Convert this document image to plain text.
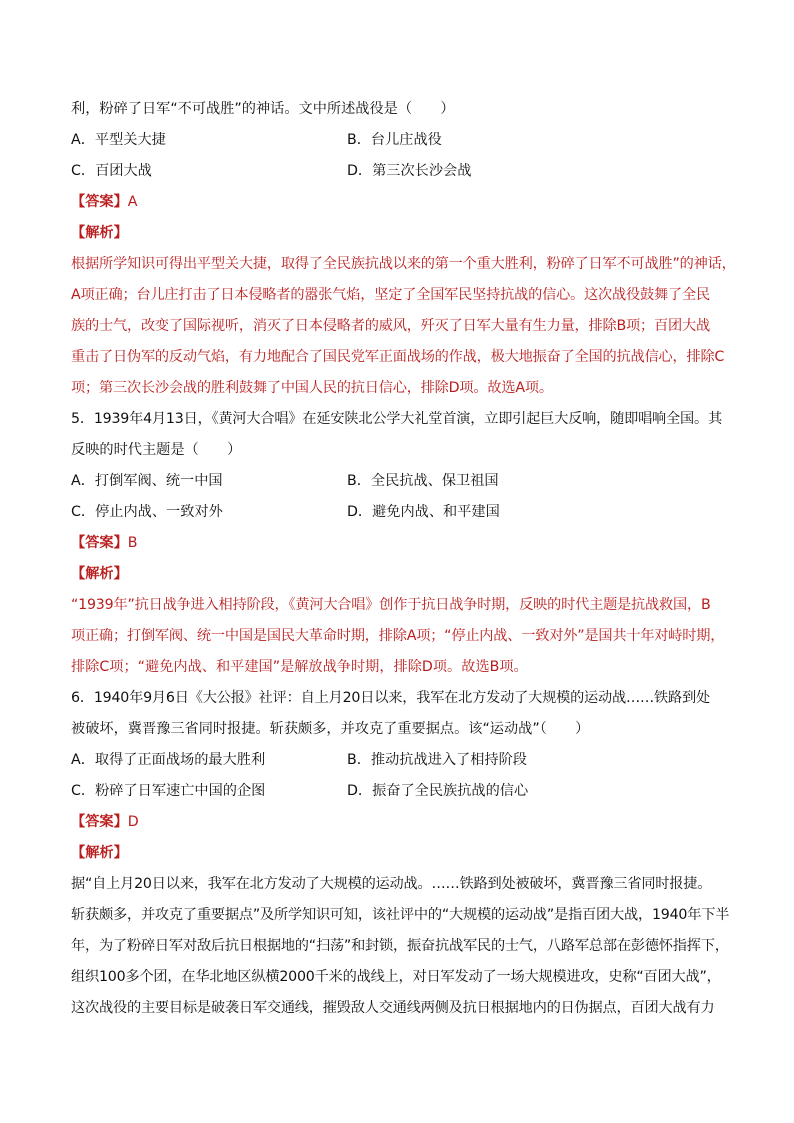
利，粉碎了日军“不可战胜”的神话。文中所述战役是（　　）
A．平型关大捷	B．台儿庄战役
C．百团大战	D．第三次长沙会战
【答案】A
【解析】
根据所学知识可得出平型关大捷，取得了全民族抗战以来的第一个重大胜利，粉碎了日军不可战胜”的神话，
A项正确；台儿庄打击了日本侵略者的嚣张气焰，坚定了全国军民坚持抗战的信心。这次战役鼓舞了全民
族的士气，改变了国际视听，消灭了日本侵略者的威风，歼灭了日军大量有生力量，排除B项；百团大战
重击了日伪军的反动气焰，有力地配合了国民党军正面战场的作战，极大地振奋了全国的抗战信心，排除C
项；第三次长沙会战的胜利鼓舞了中国人民的抗日信心，排除D项。故选A项。
5．1939年4月13日，《黄河大合唱》在延安陕北公学大礼堂首演，立即引起巨大反响，随即唱响全国。其
反映的时代主题是（　　）
A．打倒军阀、统一中国	B．全民抗战、保卫祖国
C．停止内战、一致对外	D．避免内战、和平建国
【答案】B
【解析】
“1939年”抗日战争进入相持阶段，《黄河大合唱》创作于抗日战争时期，反映的时代主题是抗战救国，B
项正确；打倒军阀、统一中国是国民大革命时期，排除A项；“停止内战、一致对外”是国共十年对峙时期，
排除C项；“避免内战、和平建国”是解放战争时期，排除D项。故选B项。
6．1940年9月6日《大公报》社评：自上月20日以来，我军在北方发动了大规模的运动战……铁路到处
被破坏，冀晋豫三省同时报捷。斩获颇多，并攻克了重要据点。该“运动战”（　　）
A．取得了正面战场的最大胜利	B．推动抗战进入了相持阶段
C．粉碎了日军速亡中国的企图	D．振奋了全民族抗战的信心
【答案】D
【解析】
据“自上月20日以来，我军在北方发动了大规模的运动战。……铁路到处被破坏，冀晋豫三省同时报捷。
斩获颇多，并攻克了重要据点”及所学知识可知，该社评中的“大规模的运动战”是指百团大战，1940年下半
年，为了粉碎日军对敌后抗日根据地的“扫荡”和封锁，振奋抗战军民的士气，八路军总部在彭德怀指挥下，
组织100多个团，在华北地区纵横2000千米的战线上，对日军发动了一场大规模进攻，史称“百团大战”，
这次战役的主要目标是破袭日军交通线，摧毁敌人交通线两侧及抗日根据地内的日伪据点，百团大战有力
